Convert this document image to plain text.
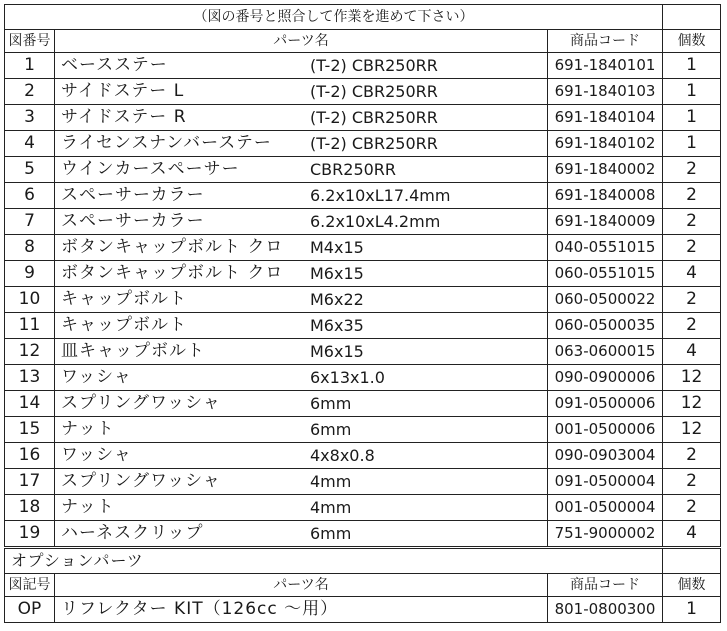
（図の番号と照合して作業を進めて下さい）			
図番号	パーツ名	商品コード	個数
1	ベースステー (T-2) CBR250RR	691-1840101	1
2	サイドステー L (T-2) CBR250RR	691-1840103	1
3	サイドステー R (T-2) CBR250RR	691-1840104	1
4	ライセンスナンバーステー (T-2) CBR250RR	691-1840102	1
5	ウインカースペーサー CBR250RR	691-1840002	2
6	スペーサーカラー 6.2x10xL17.4mm	691-1840008	2
7	スペーサーカラー 6.2x10xL4.2mm	691-1840009	2
8	ボタンキャップボルト クロ M4x15	040-0551015	2
9	ボタンキャップボルト クロ M6x15	060-0551015	4
10	キャップボルト M6x22	060-0500022	2
11	キャップボルト M6x35	060-0500035	2
12	皿キャップボルト M6x15	063-0600015	4
13	ワッシャ 6x13x1.0	090-0900006	12
14	スプリングワッシャ 6mm	091-0500006	12
15	ナット 6mm	001-0500006	12
16	ワッシャ 4x8x0.8	090-0903004	2
17	スプリングワッシャ 4mm	091-0500004	2
18	ナット 4mm	001-0500004	2
19	ハーネスクリップ 6mm	751-9000002	4
オプションパーツ			
図記号	パーツ名	商品コード	個数
OP	リフレクター KIT（126cc ～用）	801-0800300	1
